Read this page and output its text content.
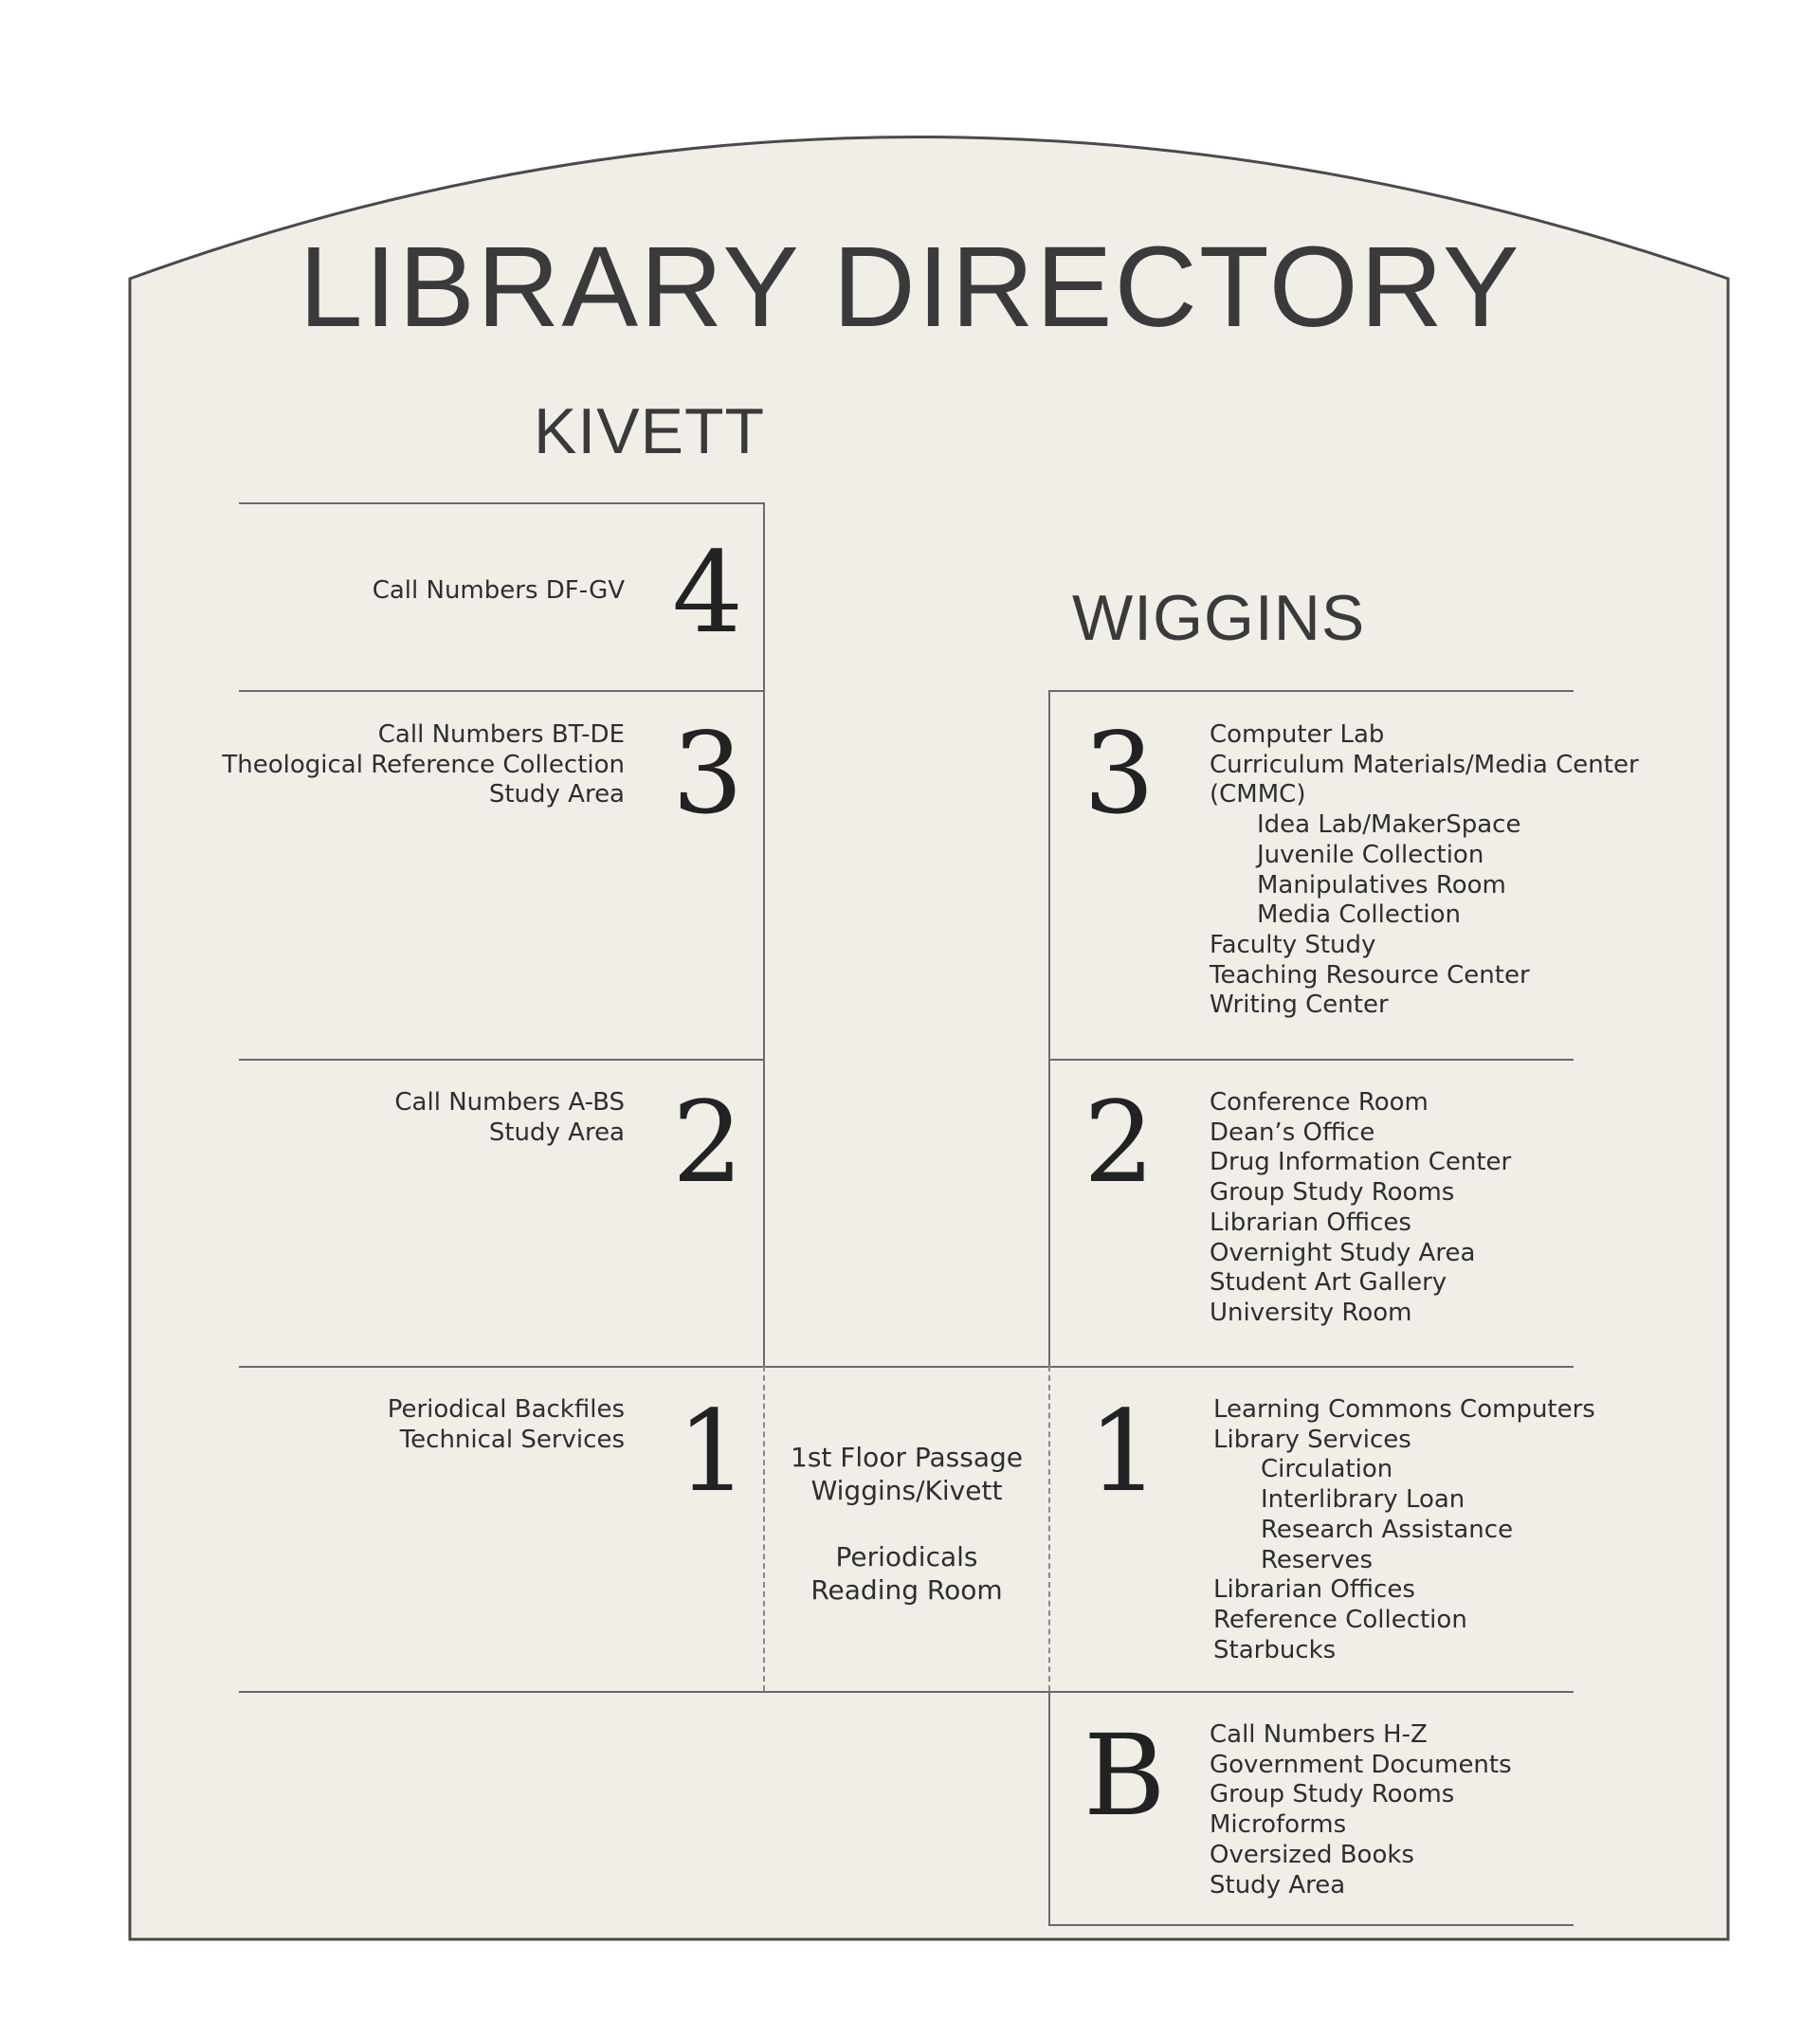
LIBRARY DIRECTORY
KIVETT
WIGGINS
Call Numbers DF-GV 4
Call Numbers BT-DE
Theological Reference Collection
Study Area 3
Call Numbers A-BS
Study Area 2
Periodical Backfiles
Technical Services 1	1st Floor Passage
Wiggins/Kivett
Periodicals
Reading Room
3 Computer Lab
Curriculum Materials/Media Center
(CMMC)
Idea Lab/MakerSpace
Juvenile Collection
Manipulatives Room
Media Collection
Faculty Study
Teaching Resource Center
Writing Center
2 Conference Room
Dean’s Office
Drug Information Center
Group Study Rooms
Librarian Offices
Overnight Study Area
Student Art Gallery
University Room
1 Learning Commons Computers
Library Services
Circulation
Interlibrary Loan
Research Assistance
Reserves
Librarian Offices
Reference Collection
Starbucks
B Call Numbers H-Z
Government Documents
Group Study Rooms
Microforms
Oversized Books
Study Area
